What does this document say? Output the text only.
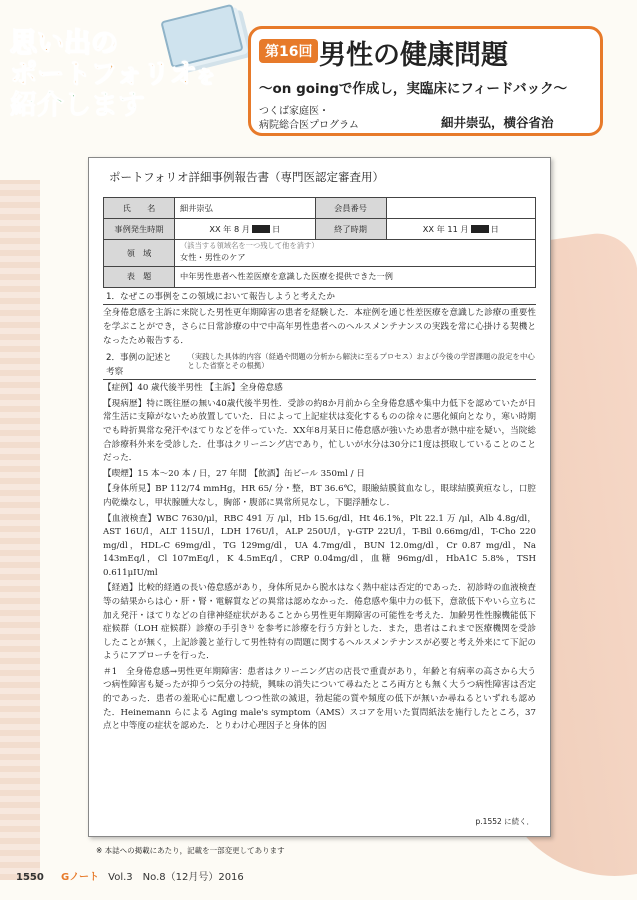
思い出の
ポートフォリオを
紹介します
第16回 男性の健康問題
～on goingで作成し，実臨床にフィードバック～
つくば家庭医・
病院総合医プログラム	細井崇弘，横谷省治
ポートフォリオ詳細事例報告書（専門医認定審査用）
氏　　名	細井崇弘	会員番号	
事例発生時期	XX 年 8 月 日	終了時期	XX 年 11 月 日
領　域	（該当する領域名を一つ残して他を消す）
女性・男性のケア		
表　題	中年男性患者へ性差医療を意識した医療を提供できた一例		
1．なぜこの事例をこの領域において報告しようと考えたか

全身倦怠感を主訴に来院した男性更年期障害の患者を経験した．本症例を通じ性差医療を意識した診療の重要性を学ぶことができ，さらに日常診療の中で中高年男性患者へのヘルスメンテナンスの実践を常に心掛ける契機となったため報告する．

2．事例の記述と考察
（実践した具体的内容（経過や問題の分析から解決に至るプロセス）および今後の学習課題の設定を中心とした省察とその根拠）

【症例】40 歳代後半男性 【主訴】全身倦怠感

【現病歴】特に既往歴の無い40歳代後半男性．受診の約8か月前から全身倦怠感や集中力低下を認めていたが日常生活に支障がないため放置していた．日によって上記症状は変化するものの徐々に悪化傾向となり，寒い時期でも時折異常な発汗やほてりなどを伴っていた．XX年8月某日に倦怠感が強いため患者が熱中症を疑い，当院総合診療科外来を受診した．仕事はクリーニング店であり，忙しいが水分は30分に1度は摂取していることのことだった．

【喫煙】15 本～20 本 / 日，27 年間 【飲酒】缶ビール 350ml / 日

【身体所見】BP 112/74 mmHg，HR 65/ 分・整，BT 36.6℃，眼瞼結膜貧血なし，眼球結膜黄疸なし，口腔内乾燥なし，甲状腺腫大なし，胸部・腹部に異常所見なし，下腿浮腫なし．

【血液検査】WBC 7630/μl，RBC 491 万 /μl，Hb 15.6g/dl，Ht 46.1%，Plt 22.1 万 /μl，Alb 4.8g/dl，AST 16U/l，ALT 115U/l，LDH 176U/l，ALP 250U/l，γ-GTP 22U/l，T-Bil 0.66mg/dl，T-Cho 220 mg/dl，HDL-C 69mg/dl，TG 129mg/dl，UA 4.7mg/dl，BUN 12.0mg/dl，Cr 0.87 mg/dl，Na 143mEq/l，Cl 107mEq/l，K 4.5mEq/l，CRP 0.04mg/dl，血糖 96mg/dl，HbA1C 5.8%，TSH 0.611μIU/ml

【経過】比較的経過の長い倦怠感があり，身体所見から脱水はなく熱中症は否定的であった．初診時の血液検査等の結果からは心・肝・腎・電解質などの異常は認めなかった．倦怠感や集中力の低下，意欲低下やいら立ちに加え発汗・ほてりなどの自律神経症状があることから男性更年期障害の可能性を考えた．加齢男性性腺機能低下症候群（LOH 症候群）診療の手引き¹⁾ を参考に診療を行う方針とした．また，患者はこれまで医療機関を受診したことが無く，上記診義と並行して男性特有の問題に関するヘルスメンテナンスが必要と考え外来にて下記のようにアプローチを行った．

＃1　全身倦怠感→男性更年期障害：患者はクリーニング店の店長で重責があり，年齢と有病率の高さから大うつ病性障害も疑ったが抑うつ気分の持続，興味の消失について尋ねたところ両方とも無く大うつ病性障害は否定的であった．患者の羞恥心に配慮しつつ性欲の減退，勃起能の質や頻度の低下が無いか尋ねるといずれも認めた．Heinemann らによる Aging male's symptom（AMS）スコアを用いた質問紙法を施行したところ，37点と中等度の症状を認めた．とりわけ心理因子と身体的因

p.1552 に続く．
※ 本誌への掲載にあたり，記載を一部変更してあります
1550 Gノート Vol.3　No.8（12月号）2016
